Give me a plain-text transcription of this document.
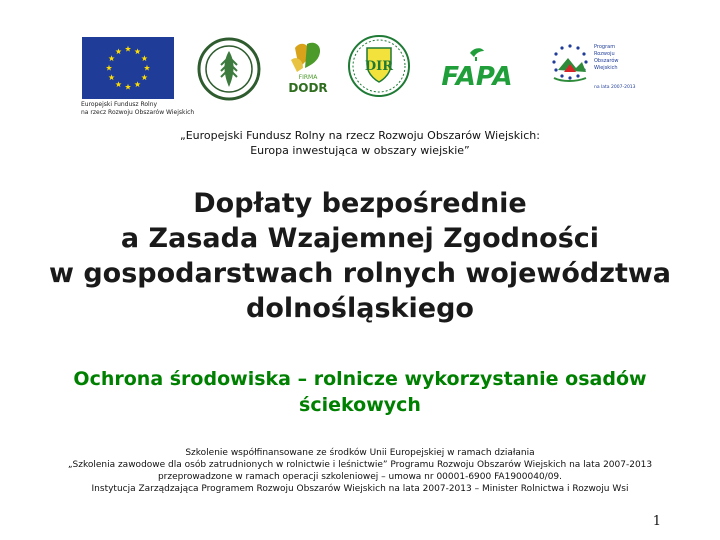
FIRMA
DODR
DIR FAPA
Program
Rozwoju
Obszarów
Wiejskich
na lata 2007-2013
Europejski Fundusz Rolny
na rzecz Rozwoju Obszarów Wiejskich
„Europejski Fundusz Rolny na rzecz Rozwoju Obszarów Wiejskich:
Europa inwestująca w obszary wiejskie”
Dopłaty bezpośrednie
a Zasada Wzajemnej Zgodności
w gospodarstwach rolnych województwa
dolnośląskiego
Ochrona środowiska – rolnicze wykorzystanie osadów
ściekowych
Szkolenie współfinansowane ze środków Unii Europejskiej w ramach działania
„Szkolenia zawodowe dla osób zatrudnionych w rolnictwie i leśnictwie” Programu Rozwoju Obszarów Wiejskich na lata 2007-2013
przeprowadzone w ramach operacji szkoleniowej – umowa nr 00001-6900 FA1900040/09.
Instytucja Zarządzająca Programem Rozwoju Obszarów Wiejskich na lata 2007-2013 – Minister Rolnictwa i Rozwoju Wsi
1
